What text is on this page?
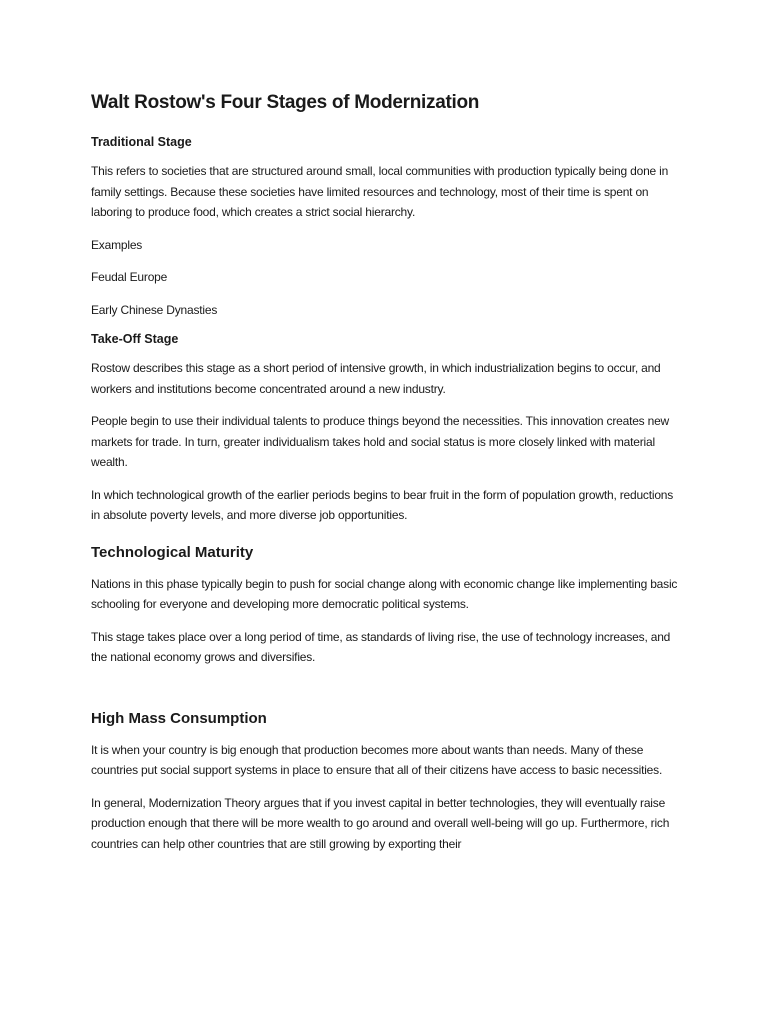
Walt Rostow's Four Stages of Modernization
Traditional Stage

This refers to societies that are structured around small, local communities with production typically being done in family settings. Because these societies have limited resources and technology, most of their time is spent on laboring to produce food, which creates a strict social hierarchy.

Examples

Feudal Europe

Early Chinese Dynasties

Take-Off Stage

Rostow describes this stage as a short period of intensive growth, in which industrialization begins to occur, and workers and institutions become concentrated around a new industry.

People begin to use their individual talents to produce things beyond the necessities. This innovation creates new markets for trade. In turn, greater individualism takes hold and social status is more closely linked with material wealth.

In which technological growth of the earlier periods begins to bear fruit in the form of population growth, reductions in absolute poverty levels, and more diverse job opportunities.

Technological Maturity

Nations in this phase typically begin to push for social change along with economic change like implementing basic schooling for everyone and developing more democratic political systems.

This stage takes place over a long period of time, as standards of living rise, the use of technology increases, and the national economy grows and diversifies.

High Mass Consumption

It is when your country is big enough that production becomes more about wants than needs. Many of these countries put social support systems in place to ensure that all of their citizens have access to basic necessities.

In general, Modernization Theory argues that if you invest capital in better technologies, they will eventually raise production enough that there will be more wealth to go around and overall well-being will go up. Furthermore, rich countries can help other countries that are still growing by exporting their
